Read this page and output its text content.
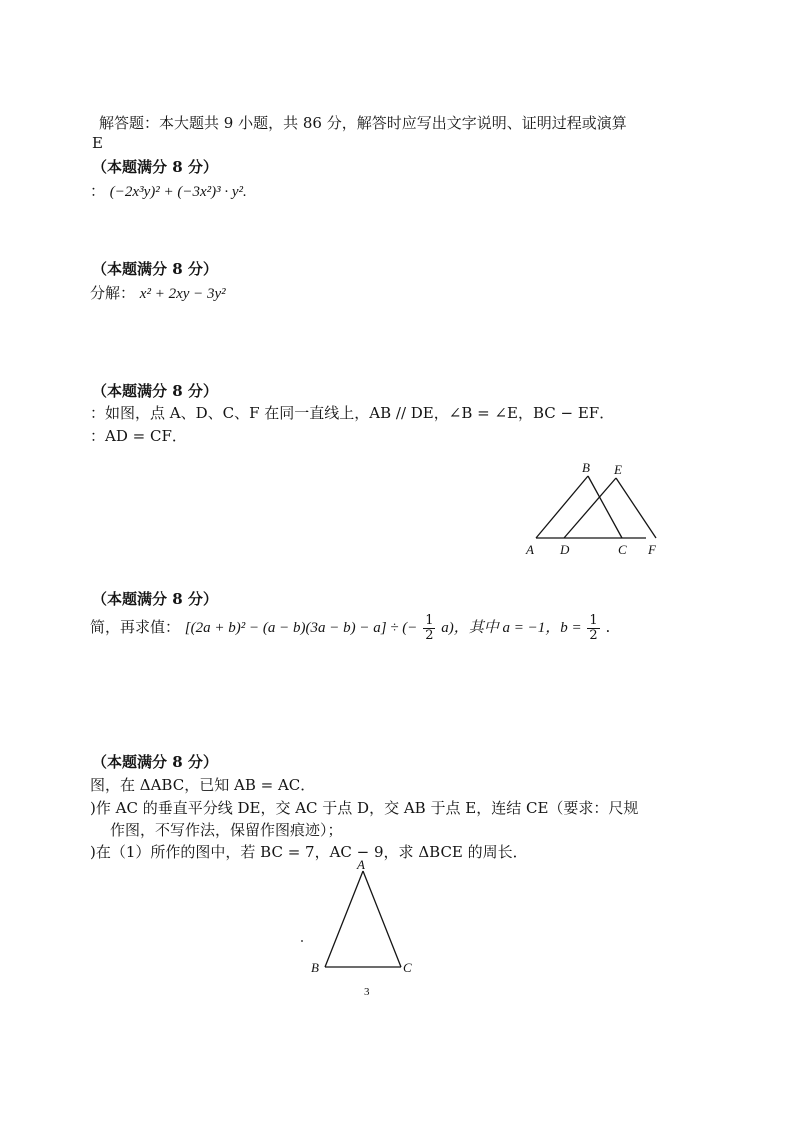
解答题：本大题共 9 小题，共 86 分，解答时应写出文字说明、证明过程或演算
E
（本题满分 8 分）
： (−2x³y)² + (−3x²)³ · y².
（本题满分 8 分）
分解： x² + 2xy − 3y²
（本题满分 8 分）
：如图，点 A、D、C、F 在同一直线上，AB // DE，∠B = ∠E，BC − EF．
：AD = CF．
B E
A D	C F
（本题满分 8 分）
简，再求值： [(2a + b)² − (a − b)(3a − b) − a] ÷ (− $\frac{1}{2} a$)，其中 a = −1，$b = \frac{1}{2}$ .
（本题满分 8 分）
图，在 ΔABC，已知 AB = AC．
)作 AC 的垂直平分线 DE，交 AC 于点 D，交 AB 于点 E，连结 CE（要求：尺规
作图，不写作法，保留作图痕迹）；
)在（1）所作的图中，若 BC = 7，AC − 9，求 ΔBCE 的周长．
A
B	C
3
